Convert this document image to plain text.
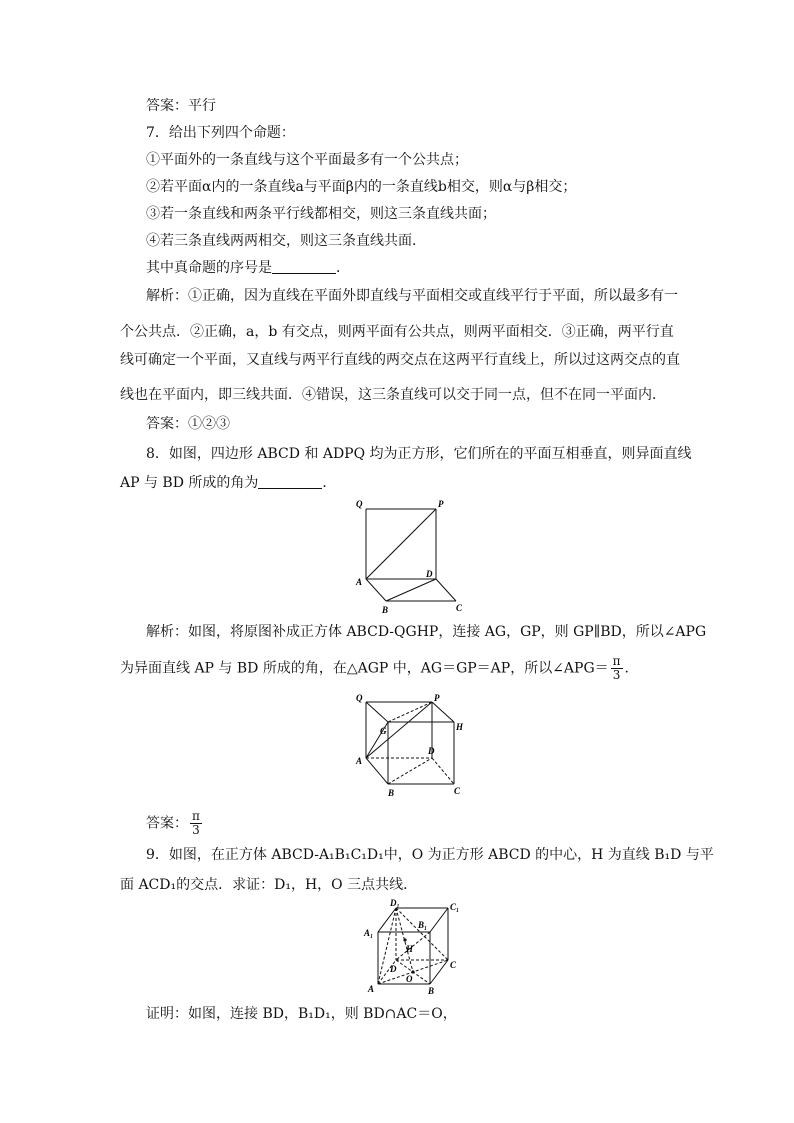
答案：平行
7．给出下列四个命题：
①平面外的一条直线与这个平面最多有一个公共点；
②若平面α内的一条直线a与平面β内的一条直线b相交，则α与β相交；
③若一条直线和两条平行线都相交，则这三条直线共面；
④若三条直线两两相交，则这三条直线共面．
其中真命题的序号是	．
解析：①正确，因为直线在平面外即直线与平面相交或直线平行于平面，所以最多有一
个公共点．②正确，a，b 有交点，则两平面有公共点，则两平面相交．③正确，两平行直
线可确定一个平面，又直线与两平行直线的两交点在这两平行直线上，所以过这两交点的直
线也在平面内，即三线共面．④错误，这三条直线可以交于同一点，但不在同一平面内．
答案：①②③
8．如图，四边形 ABCD 和 ADPQ 均为正方形，它们所在的平面互相垂直，则异面直线
AP 与 BD 所成的角为	．
Q	P
A
D
B	C
解析：如图，将原图补成正方体 ABCD-QGHP，连接 AG，GP，则 GP∥BD，所以∠APG
为异面直线 AP 与 BD 所成的角，在△AGP 中，AG＝GP＝AP，所以∠APG＝ $\frac{\pi}{3}$ .
Q	P
G	H
A
D
B	C
答案： $\frac{\pi}{3}$
9．如图，在正方体 ABCD-A₁B₁C₁D₁中，O 为正方形 ABCD 的中心，H 为直线 B₁D 与平
面 ACD₁的交点．求证：D₁，H，O 三点共线．
D₁	C₁
A₁
B₁
H
D	C
O
A	B
证明：如图，连接 BD，B₁D₁，则 BD∩AC＝O，
